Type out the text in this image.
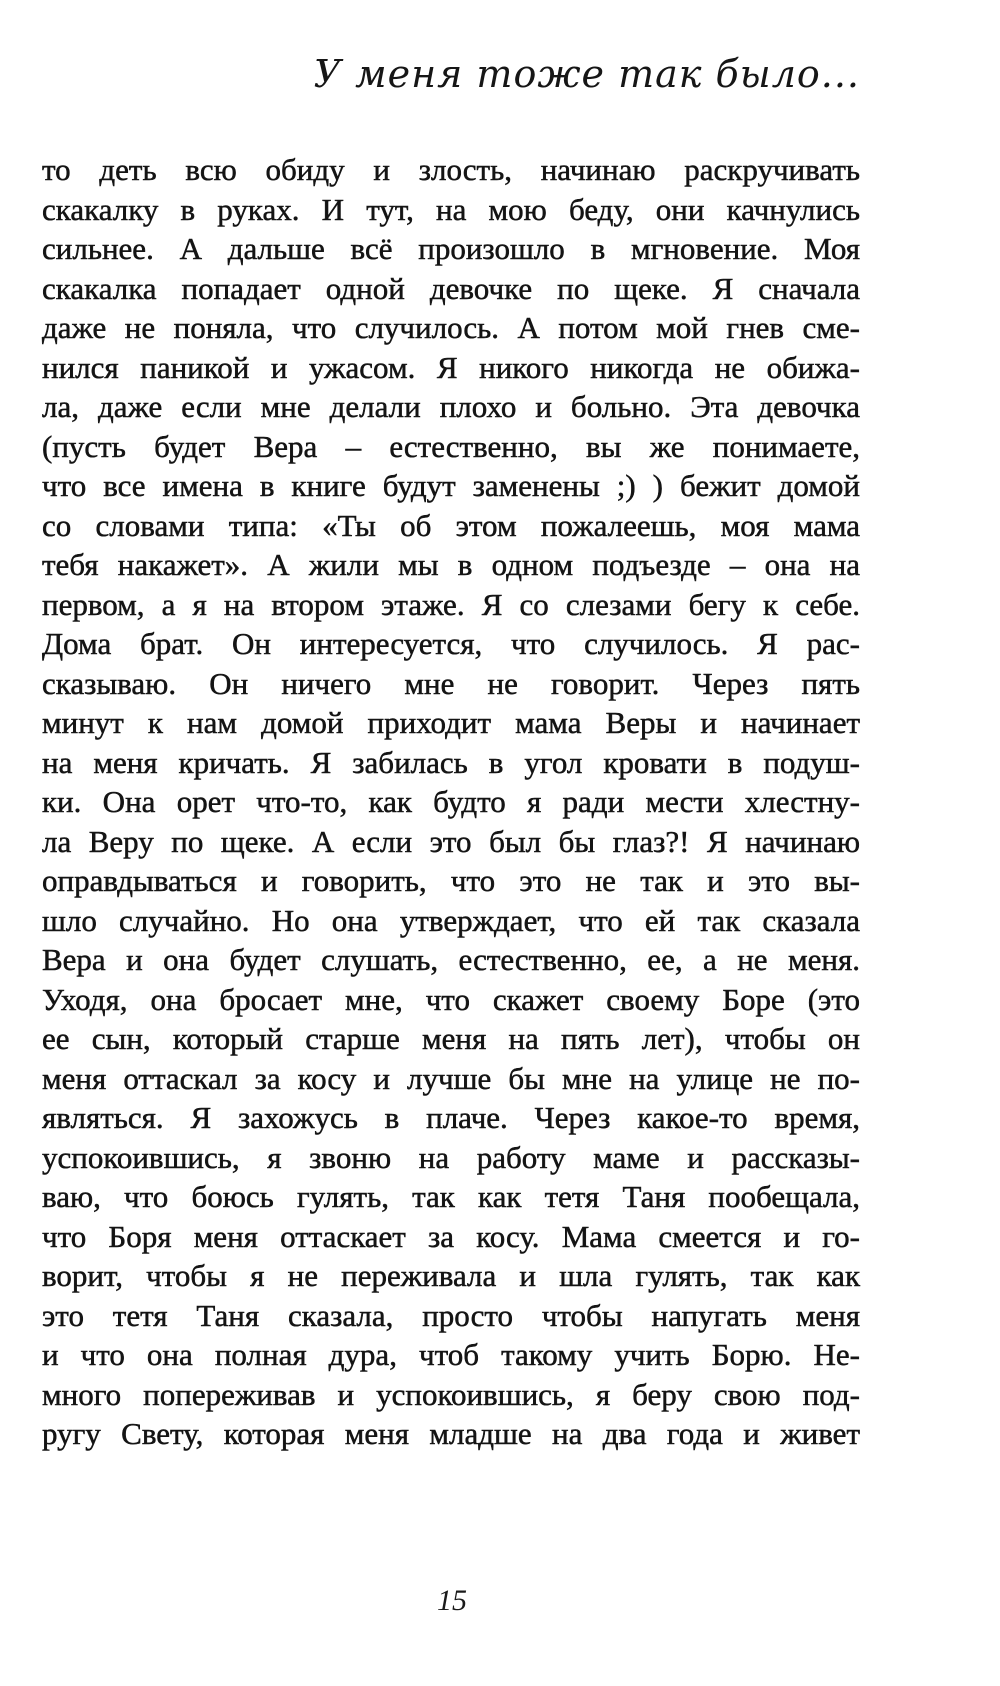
У меня тоже так было...
то деть всю обиду и злость, начинаю раскручивать
скакалку в руках. И тут, на мою беду, они качнулись
сильнее. А дальше всё произошло в мгновение. Моя
скакалка попадает одной девочке по щеке. Я сначала
даже не поняла, что случилось. А потом мой гнев сме-
нился паникой и ужасом. Я никого никогда не обижа-
ла, даже если мне делали плохо и больно. Эта девочка
(пусть будет Вера – естественно, вы же понимаете,
что все имена в книге будут заменены ;) ) бежит домой
со словами типа: «Ты об этом пожалеешь, моя мама
тебя накажет». А жили мы в одном подъезде – она на
первом, а я на втором этаже. Я со слезами бегу к себе.
Дома брат. Он интересуется, что случилось. Я рас-
сказываю. Он ничего мне не говорит. Через пять
минут к нам домой приходит мама Веры и начинает
на меня кричать. Я забилась в угол кровати в подуш-
ки. Она орет что-то, как будто я ради мести хлестну-
ла Веру по щеке. А если это был бы глаз?! Я начинаю
оправдываться и говорить, что это не так и это вы-
шло случайно. Но она утверждает, что ей так сказала
Вера и она будет слушать, естественно, ее, а не меня.
Уходя, она бросает мне, что скажет своему Боре (это
ее сын, который старше меня на пять лет), чтобы он
меня оттаскал за косу и лучше бы мне на улице не по-
являться. Я захожусь в плаче. Через какое-то время,
успокоившись, я звоню на работу маме и рассказы-
ваю, что боюсь гулять, так как тетя Таня пообещала,
что Боря меня оттаскает за косу. Мама смеется и го-
ворит, чтобы я не переживала и шла гулять, так как
это тетя Таня сказала, просто чтобы напугать меня
и что она полная дура, чтоб такому учить Борю. Не-
много попереживав и успокоившись, я беру свою под-
ругу Свету, которая меня младше на два года и живет
15
